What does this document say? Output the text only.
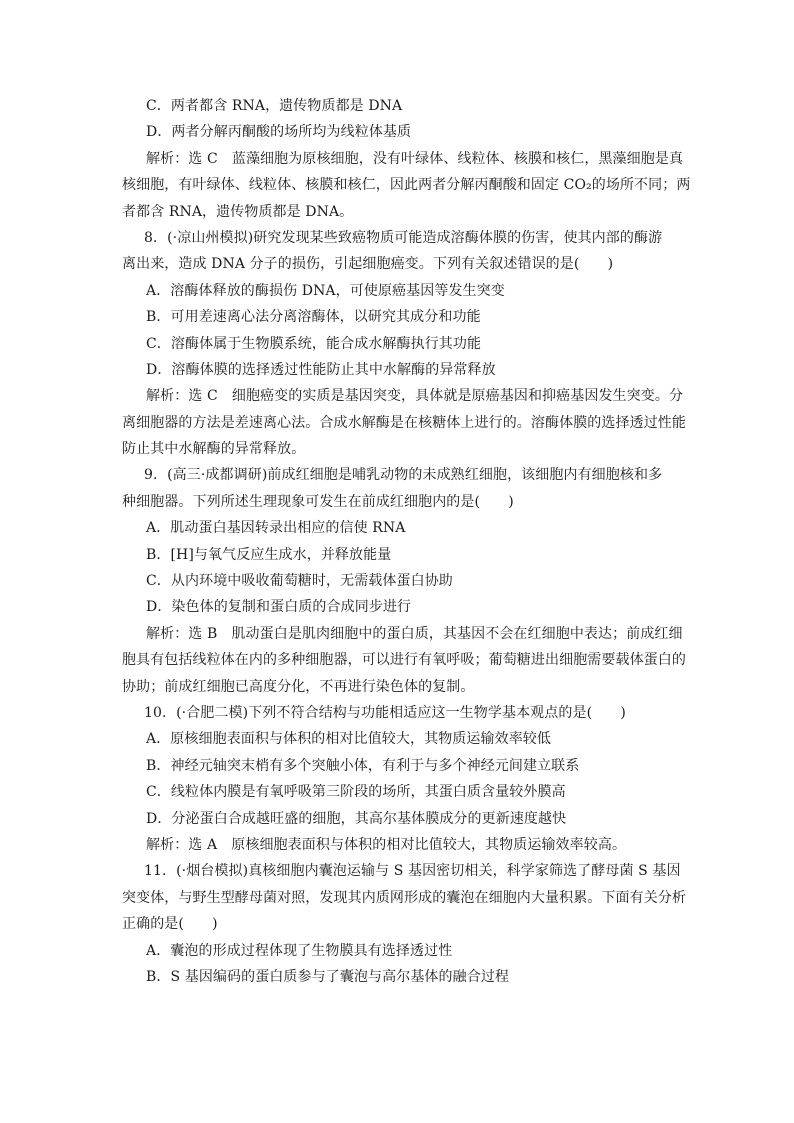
C．两者都含 RNA，遗传物质都是 DNA
D．两者分解丙酮酸的场所均为线粒体基质
解析：选 C　蓝藻细胞为原核细胞，没有叶绿体、线粒体、核膜和核仁，黑藻细胞是真
核细胞，有叶绿体、线粒体、核膜和核仁，因此两者分解丙酮酸和固定 CO₂的场所不同；两
者都含 RNA，遗传物质都是 DNA。
8．(·凉山州模拟)研究发现某些致癌物质可能造成溶酶体膜的伤害，使其内部的酶游
离出来，造成 DNA 分子的损伤，引起细胞癌变。下列有关叙述错误的是(　　)
A．溶酶体释放的酶损伤 DNA，可使原癌基因等发生突变
B．可用差速离心法分离溶酶体，以研究其成分和功能
C．溶酶体属于生物膜系统，能合成水解酶执行其功能
D．溶酶体膜的选择透过性能防止其中水解酶的异常释放
解析：选 C　细胞癌变的实质是基因突变，具体就是原癌基因和抑癌基因发生突变。分
离细胞器的方法是差速离心法。合成水解酶是在核糖体上进行的。溶酶体膜的选择透过性能
防止其中水解酶的异常释放。
9．(高三·成都调研)前成红细胞是哺乳动物的未成熟红细胞，该细胞内有细胞核和多
种细胞器。下列所述生理现象可发生在前成红细胞内的是(　　)
A．肌动蛋白基因转录出相应的信使 RNA
B．[H]与氧气反应生成水，并释放能量
C．从内环境中吸收葡萄糖时，无需载体蛋白协助
D．染色体的复制和蛋白质的合成同步进行
解析：选 B　肌动蛋白是肌肉细胞中的蛋白质，其基因不会在红细胞中表达；前成红细
胞具有包括线粒体在内的多种细胞器，可以进行有氧呼吸；葡萄糖进出细胞需要载体蛋白的
协助；前成红细胞已高度分化，不再进行染色体的复制。
10．(·合肥二模)下列不符合结构与功能相适应这一生物学基本观点的是(　　)
A．原核细胞表面积与体积的相对比值较大，其物质运输效率较低
B．神经元轴突末梢有多个突触小体，有利于与多个神经元间建立联系
C．线粒体内膜是有氧呼吸第三阶段的场所，其蛋白质含量较外膜高
D．分泌蛋白合成越旺盛的细胞，其高尔基体膜成分的更新速度越快
解析：选 A　原核细胞表面积与体积的相对比值较大，其物质运输效率较高。
11．(·烟台模拟)真核细胞内囊泡运输与 S 基因密切相关，科学家筛选了酵母菌 S 基因
突变体，与野生型酵母菌对照，发现其内质网形成的囊泡在细胞内大量积累。下面有关分析
正确的是(　　)
A．囊泡的形成过程体现了生物膜具有选择透过性
B．S 基因编码的蛋白质参与了囊泡与高尔基体的融合过程
